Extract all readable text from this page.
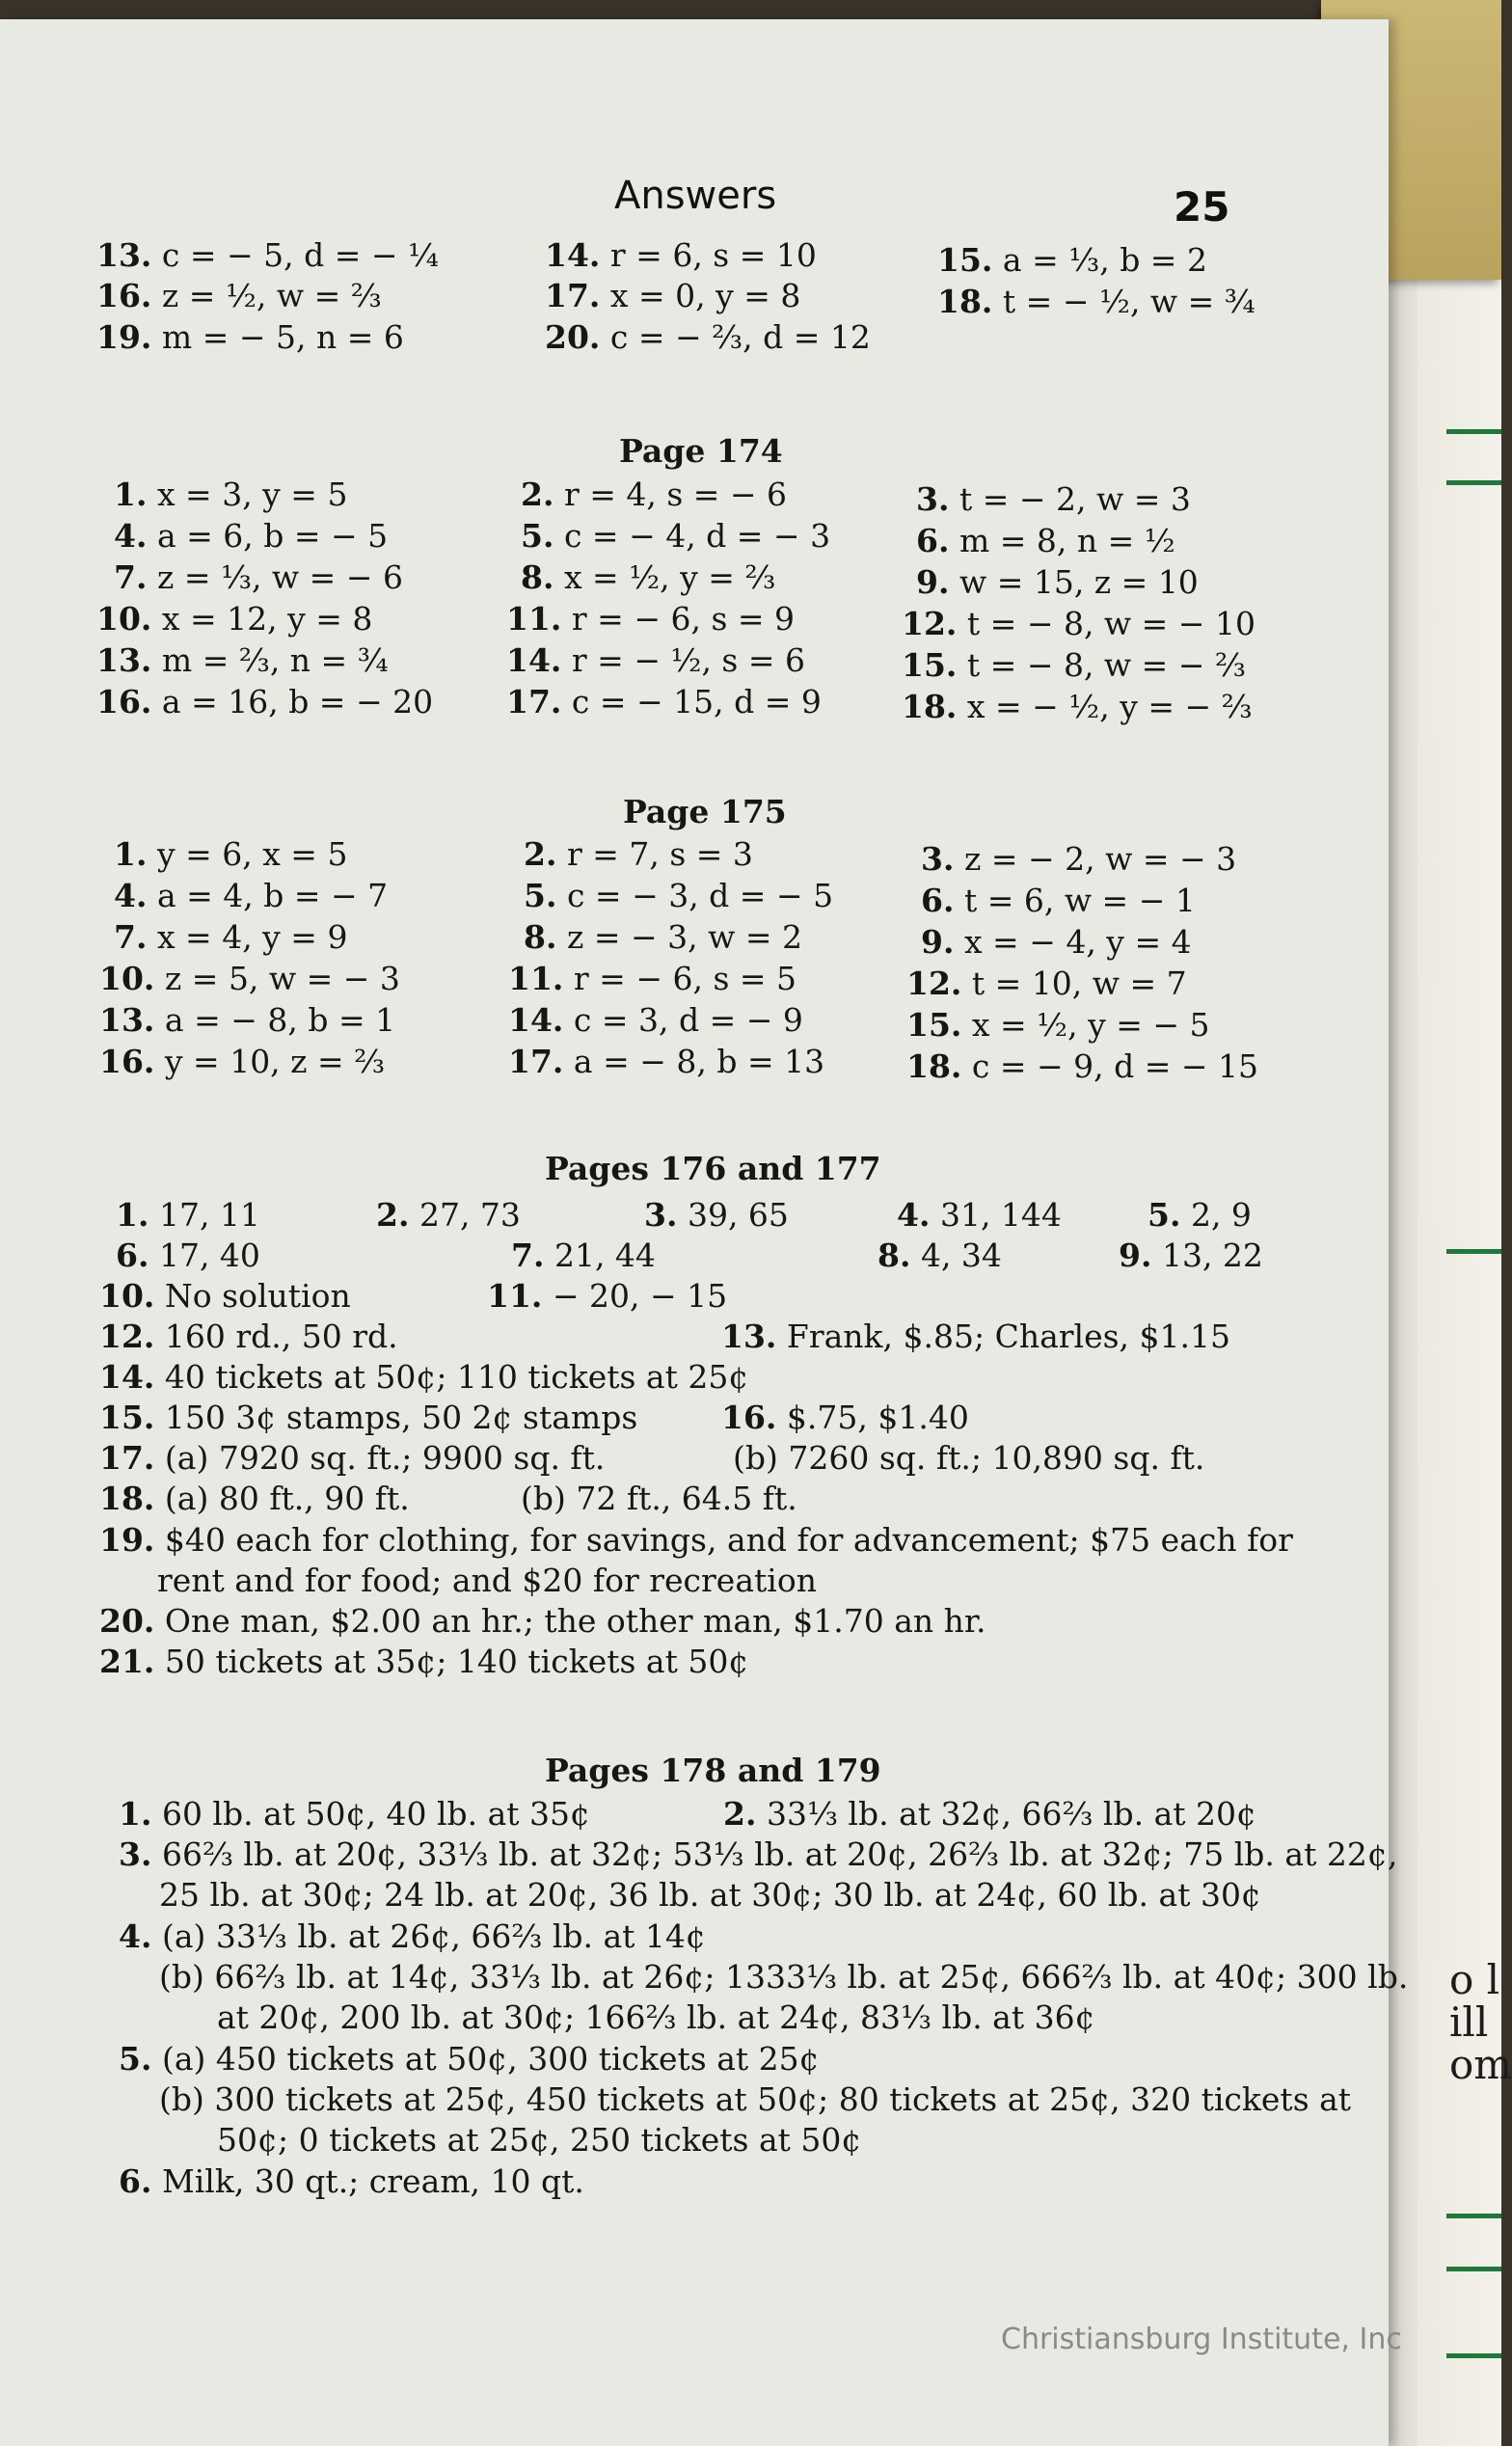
o l
ill
om
Answers	25
13. c = − 5, d = − ¼	14. r = 6, s = 10	15. a = ⅓, b = 2
16. z = ½, w = ⅔	17. x = 0, y = 8	18. t = − ½, w = ¾
19. m = − 5, n = 6	20. c = − ⅔, d = 12
1. x = 3, y = 5	2. r = 4, s = − 6	3. t = − 2, w = 3
4. a = 6, b = − 5	5. c = − 4, d = − 3	6. m = 8, n = ½
7. z = ⅓, w = − 6	8. x = ½, y = ⅔	9. w = 15, z = 10
10. x = 12, y = 8	11. r = − 6, s = 9	12. t = − 8, w = − 10
13. m = ⅔, n = ¾	14. r = − ½, s = 6	15. t = − 8, w = − ⅔
16. a = 16, b = − 20 17. c = − 15, d = 9	18. x = − ½, y = − ⅔
1. y = 6, x = 5	2. r = 7, s = 3	3. z = − 2, w = − 3
4. a = 4, b = − 7	5. c = − 3, d = − 5	6. t = 6, w = − 1
7. x = 4, y = 9	8. z = − 3, w = 2	9. x = − 4, y = 4
10. z = 5, w = − 3	11. r = − 6, s = 5	12. t = 10, w = 7
13. a = − 8, b = 1	14. c = 3, d = − 9	15. x = ½, y = − 5
16. y = 10, z = ⅔	17. a = − 8, b = 13	18. c = − 9, d = − 15
1. 17, 11	2. 27, 73	3. 39, 65	4. 31, 144	5. 2, 9
6. 17, 40	7. 21, 44	8. 4, 34	9. 13, 22
10. No solution	11. − 20, − 15
12. 160 rd., 50 rd.	13. Frank, $.85; Charles, $1.15
14. 40 tickets at 50¢; 110 tickets at 25¢
15. 150 3¢ stamps, 50 2¢ stamps	16. $.75, $1.40
17. (a) 7920 sq. ft.; 9900 sq. ft.	(b) 7260 sq. ft.; 10,890 sq. ft.
18. (a) 80 ft., 90 ft.	(b) 72 ft., 64.5 ft.
19. $40 each for clothing, for savings, and for advancement; $75 each for
rent and for food; and $20 for recreation
20. One man, $2.00 an hr.; the other man, $1.70 an hr.
21. 50 tickets at 35¢; 140 tickets at 50¢
1. 60 lb. at 50¢, 40 lb. at 35¢	2. 33⅓ lb. at 32¢, 66⅔ lb. at 20¢
3. 66⅔ lb. at 20¢, 33⅓ lb. at 32¢; 53⅓ lb. at 20¢, 26⅔ lb. at 32¢; 75 lb. at 22¢,
25 lb. at 30¢; 24 lb. at 20¢, 36 lb. at 30¢; 30 lb. at 24¢, 60 lb. at 30¢
4. (a) 33⅓ lb. at 26¢, 66⅔ lb. at 14¢
(b) 66⅔ lb. at 14¢, 33⅓ lb. at 26¢; 1333⅓ lb. at 25¢, 666⅔ lb. at 40¢; 300 lb.
at 20¢, 200 lb. at 30¢; 166⅔ lb. at 24¢, 83⅓ lb. at 36¢
5. (a) 450 tickets at 50¢, 300 tickets at 25¢
(b) 300 tickets at 25¢, 450 tickets at 50¢; 80 tickets at 25¢, 320 tickets at
50¢; 0 tickets at 25¢, 250 tickets at 50¢
6. Milk, 30 qt.; cream, 10 qt.
Page 174
Page 175
Pages 176 and 177
Pages 178 and 179
Christiansburg Institute, Inc
